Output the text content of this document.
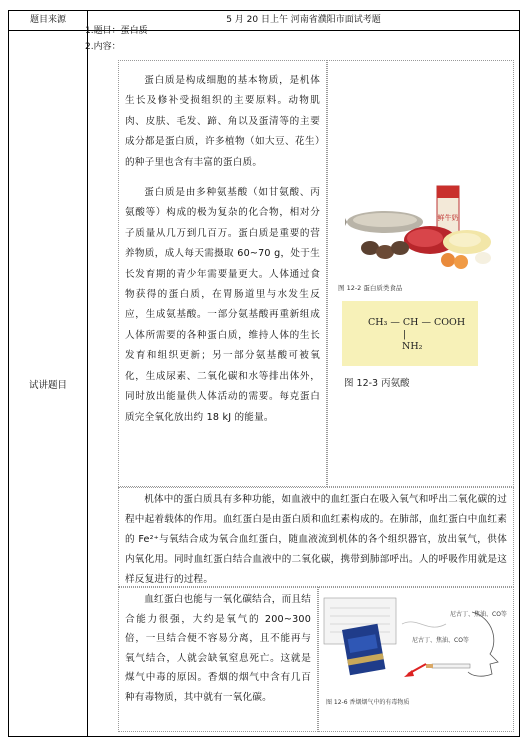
题目来源	5 月 20 日上午 河南省濮阳市面试考题
试讲题目
1.题目：蛋白质
2.内容：

蛋白质是构成细胞的基本物质，是机体生长及修补受损组织的主要原料。动物肌肉、皮肤、毛发、蹄、角以及蛋清等的主要成分都是蛋白质，许多植物（如大豆、花生）的种子里也含有丰富的蛋白质。

蛋白质是由多种氨基酸（如甘氨酸、丙氨酸等）构成的极为复杂的化合物，相对分子质量从几万到几百万。蛋白质是重要的营养物质，成人每天需摄取 60~70 g，处于生长发育期的青少年需要量更大。人体通过食物获得的蛋白质，在胃肠道里与水发生反应，生成氨基酸。一部分氨基酸再重新组成人体所需要的各种蛋白质，维持人体的生长发育和组织更新；另一部分氨基酸可被氧化，生成尿素、二氧化碳和水等排出体外，同时放出能量供人体活动的需要。每克蛋白质完全氧化放出约 18 kJ 的能量。

鲜牛奶
图 12-2 蛋白质类食品
CH₃ — CH — COOH
|
NH₂
图 12-3 丙氨酸

机体中的蛋白质具有多种功能，如血液中的血红蛋白在吸入氧气和呼出二氧化碳的过程中起着载体的作用。血红蛋白是由蛋白质和血红素构成的。在肺部，血红蛋白中血红素的 Fe²⁺与氧结合成为氧合血红蛋白，随血液流到机体的各个组织器官，放出氧气，供体内氧化用。同时血红蛋白结合血液中的二氧化碳，携带到肺部呼出。人的呼吸作用就是这样反复进行的过程。

血红蛋白也能与一氧化碳结合，而且结合能力很强，大约是氧气的 200~300 倍，一旦结合便不容易分离，且不能再与氧气结合，人就会缺氧窒息死亡。这就是煤气中毒的原因。香烟的烟气中含有几百种有毒物质，其中就有一氧化碳。

尼古丁、焦油、CO等
尼古丁、焦油、CO等
图 12-6 香烟烟气中的有毒物质
